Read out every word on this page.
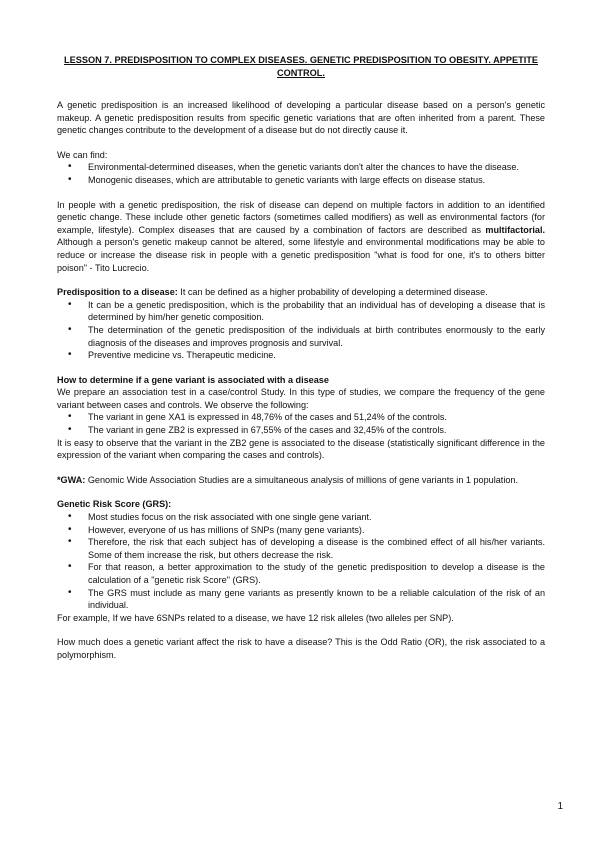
LESSON 7. PREDISPOSITION TO COMPLEX DISEASES. GENETIC PREDISPOSITION TO OBESITY. APPETITE CONTROL.

A genetic predisposition is an increased likelihood of developing a particular disease based on a person's genetic makeup. A genetic predisposition results from specific genetic variations that are often inherited from a parent. These genetic changes contribute to the development of a disease but do not directly cause it.

We can find:

• Environmental-determined diseases, when the genetic variants don't alter the chances to have the disease.
• Monogenic diseases, which are attributable to genetic variants with large effects on disease status.

In people with a genetic predisposition, the risk of disease can depend on multiple factors in addition to an identified genetic change. These include other genetic factors (sometimes called modifiers) as well as environmental factors (for example, lifestyle). Complex diseases that are caused by a combination of factors are described as multifactorial. Although a person's genetic makeup cannot be altered, some lifestyle and environmental modifications may be able to reduce or increase the disease risk in people with a genetic predisposition "what is food for one, it's to others bitter poison" - Tito Lucrecio.

Predisposition to a disease: It can be defined as a higher probability of developing a determined disease.

• It can be a genetic predisposition, which is the probability that an individual has of developing a disease that is determined by him/her genetic composition.
• The determination of the genetic predisposition of the individuals at birth contributes enormously to the early diagnosis of the diseases and improves prognosis and survival.
• Preventive medicine vs. Therapeutic medicine.

How to determine if a gene variant is associated with a disease

We prepare an association test in a case/control Study. In this type of studies, we compare the frequency of the gene variant between cases and controls. We observe the following:

• The variant in gene XA1 is expressed in 48,76% of the cases and 51,24% of the controls.
• The variant in gene ZB2 is expressed in 67,55% of the cases and 32,45% of the controls.

It is easy to observe that the variant in the ZB2 gene is associated to the disease (statistically significant difference in the expression of the variant when comparing the cases and controls).

*GWA: Genomic Wide Association Studies are a simultaneous analysis of millions of gene variants in 1 population.

Genetic Risk Score (GRS):

• Most studies focus on the risk associated with one single gene variant.
• However, everyone of us has millions of SNPs (many gene variants).
• Therefore, the risk that each subject has of developing a disease is the combined effect of all his/her variants. Some of them increase the risk, but others decrease the risk.
• For that reason, a better approximation to the study of the genetic predisposition to develop a disease is the calculation of a "genetic risk Score" (GRS).
• The GRS must include as many gene variants as presently known to be a reliable calculation of the risk of an individual.

For example, If we have 6SNPs related to a disease, we have 12 risk alleles (two alleles per SNP).

How much does a genetic variant affect the risk to have a disease? This is the Odd Ratio (OR), the risk associated to a polymorphism.

1
